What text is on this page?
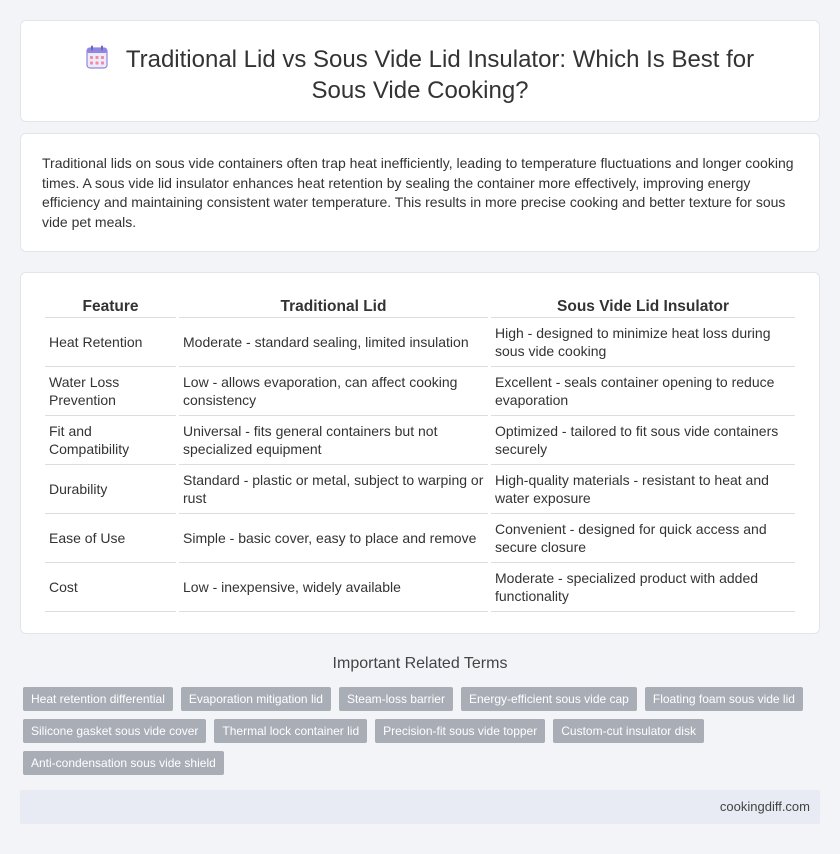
Traditional Lid vs Sous Vide Lid Insulator: Which Is Best for Sous Vide Cooking?

Traditional lids on sous vide containers often trap heat inefficiently, leading to temperature fluctuations and longer cooking times. A sous vide lid insulator enhances heat retention by sealing the container more effectively, improving energy efficiency and maintaining consistent water temperature. This results in more precise cooking and better texture for sous vide pet meals.

Feature	Traditional Lid	Sous Vide Lid Insulator
Heat Retention	Moderate - standard sealing, limited insulation	High - designed to minimize heat loss during sous vide cooking
Water Loss Prevention	Low - allows evaporation, can affect cooking consistency	Excellent - seals container opening to reduce evaporation
Fit and Compatibility	Universal - fits general containers but not specialized equipment	Optimized - tailored to fit sous vide containers securely
Durability	Standard - plastic or metal, subject to warping or rust	High-quality materials - resistant to heat and water exposure
Ease of Use	Simple - basic cover, easy to place and remove	Convenient - designed for quick access and secure closure
Cost	Low - inexpensive, widely available	Moderate - specialized product with added functionality
Important Related Terms
Heat retention differential	Evaporation mitigation lid	Steam-loss barrier	Energy-efficient sous vide cap	Floating foam sous vide lid
Silicone gasket sous vide cover	Thermal lock container lid	Precision-fit sous vide topper	Custom-cut insulator disk
Anti-condensation sous vide shield
cookingdiff.com
